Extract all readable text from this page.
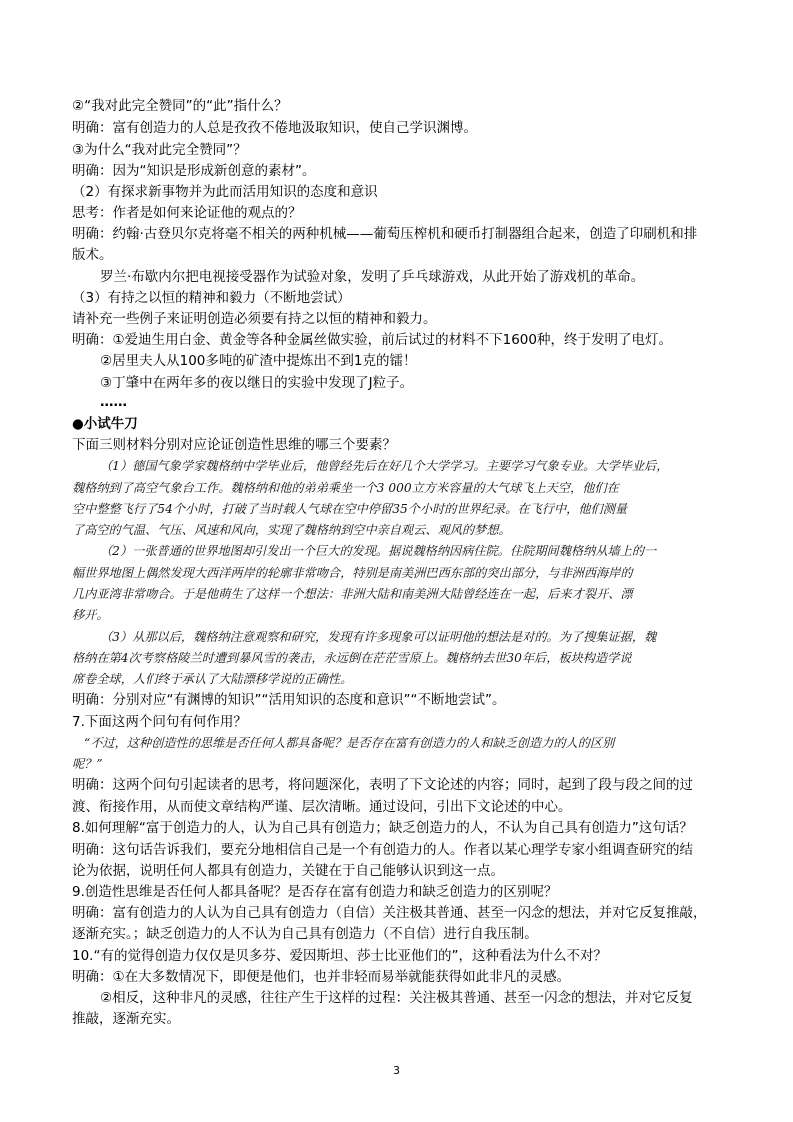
②“我对此完全赞同”的“此”指什么？
明确：富有创造力的人总是孜孜不倦地汲取知识，使自己学识渊博。
③为什么“我对此完全赞同”？
明确：因为“知识是形成新创意的素材”。
（2）有探求新事物并为此而活用知识的态度和意识
思考：作者是如何来论证他的观点的？
明确：约翰·古登贝尔克将毫不相关的两种机械——葡萄压榨机和硬币打制器组合起来，创造了印刷机和排
版术。
罗兰·布歇内尔把电视接受器作为试验对象，发明了乒乓球游戏，从此开始了游戏机的革命。
（3）有持之以恒的精神和毅力（不断地尝试）
请补充一些例子来证明创造必须要有持之以恒的精神和毅力。
明确：①爱迪生用白金、黄金等各种金属丝做实验，前后试过的材料不下1600种，终于发明了电灯。
②居里夫人从100多吨的矿渣中提炼出不到1克的镭！
③丁肇中在两年多的夜以继日的实验中发现了J粒子。
……
●小试牛刀
下面三则材料分别对应论证创造性思维的哪三个要素？
（1）德国气象学家魏格纳中学毕业后，他曾经先后在好几个大学学习。主要学习气象专业。大学毕业后，
魏格纳到了高空气象台工作。魏格纳和他的弟弟乘坐一个3 000立方米容量的大气球飞上天空，他们在
空中整整飞行了54个小时，打破了当时载人气球在空中停留35个小时的世界纪录。在飞行中，他们测量
了高空的气温、气压、风速和风向，实现了魏格纳到空中亲自观云、观风的梦想。
（2）一张普通的世界地图却引发出一个巨大的发现。据说魏格纳因病住院。住院期间魏格纳从墙上的一
幅世界地图上偶然发现大西洋两岸的轮廓非常吻合，特别是南美洲巴西东部的突出部分，与非洲西海岸的
几内亚湾非常吻合。于是他萌生了这样一个想法：非洲大陆和南美洲大陆曾经连在一起，后来才裂开、漂
移开。
（3）从那以后，魏格纳注意观察和研究，发现有许多现象可以证明他的想法是对的。为了搜集证据，魏
格纳在第4次考察格陵兰时遭到暴风雪的袭击，永远倒在茫茫雪原上。魏格纳去世30年后，板块构造学说
席卷全球，人们终于承认了大陆漂移学说的正确性。
明确：分别对应“有渊博的知识”“活用知识的态度和意识”“不断地尝试”。
7.下面这两个问句有何作用？
“不过，这种创造性的思维是否任何人都具备呢？是否存在富有创造力的人和缺乏创造力的人的区别
呢？”
明确：这两个问句引起读者的思考，将问题深化，表明了下文论述的内容；同时，起到了段与段之间的过
渡、衔接作用，从而使文章结构严谨、层次清晰。通过设问，引出下文论述的中心。
8.如何理解“富于创造力的人，认为自己具有创造力；缺乏创造力的人，不认为自己具有创造力”这句话？
明确：这句话告诉我们，要充分地相信自己是一个有创造力的人。作者以某心理学专家小组调查研究的结
论为依据，说明任何人都具有创造力，关键在于自己能够认识到这一点。
9.创造性思维是否任何人都具备呢？是否存在富有创造力和缺乏创造力的区别呢？
明确：富有创造力的人认为自己具有创造力（自信）关注极其普通、甚至一闪念的想法，并对它反复推敲，
逐渐充实。；缺乏创造力的人不认为自己具有创造力（不自信）进行自我压制。
10.“有的觉得创造力仅仅是贝多芬、爱因斯坦、莎士比亚他们的”，这种看法为什么不对？
明确：①在大多数情况下，即便是他们，也并非轻而易举就能获得如此非凡的灵感。
②相反，这种非凡的灵感，往往产生于这样的过程：关注极其普通、甚至一闪念的想法，并对它反复
推敲，逐渐充实。
3
